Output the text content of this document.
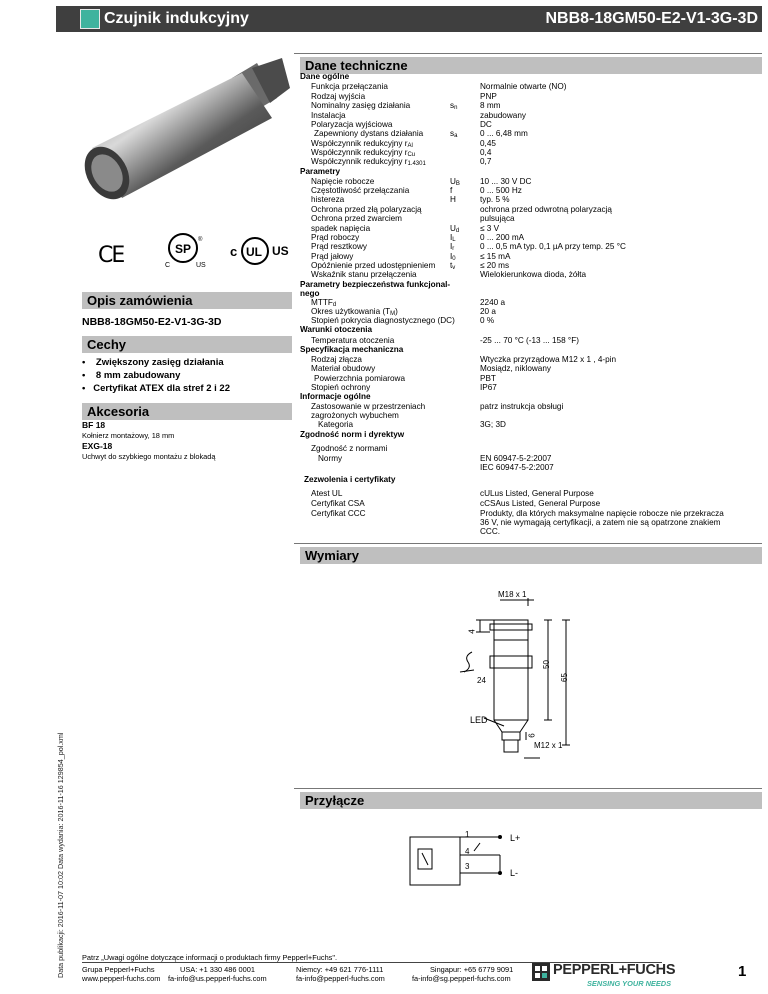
Czujnik indukcyjny	NBB8-18GM50-E2-V1-3G-3D
Data publikacji: 2016-11-07 10:02 Data wydania: 2016-11-16 129854_pol.xml
CE	SP
®
C	US
c UL US
Opis zamówienia
NBB8-18GM50-E2-V1-3G-3D
Cechy
•    Zwiększony zasięg działania
•    8 mm zabudowany
•   Certyfikat ATEX dla stref 2 i 22
Akcesoria
BF 18
Kołnierz montażowy, 18 mm
EXG-18
Uchwyt do szybkiego montażu z blokadą
Dane techniczne
Dane ogólne
Funkcja przełączania	Normalnie otwarte (NO)
Rodzaj wyjścia	PNP
Nominalny zasięg działania	sn	8 mm
Instalacja	zabudowany
Polaryzacja wyjściowa	DC
Zapewniony dystans działania	sa	0 ... 6,48 mm
Współczynnik redukcyjny rAl	0,45
Współczynnik redukcyjny rCu	0,4
Współczynnik redukcyjny r1.4301	0,7
Parametry
Napięcie robocze	UB 10 ... 30 V DC
Częstotliwość przełączania	f	0 ... 500 Hz
histereza	H	typ. 5 %
Ochrona przed złą polaryzacją	ochrona przed odwrotną polaryzacją
Ochrona przed zwarciem	pulsująca
spadek napięcia	Ud	≤ 3 V
Prąd roboczy	IL	0 ... 200 mA
Prąd resztkowy	Ir	0 ... 0,5 mA typ. 0,1 µA przy temp. 25 °C
Prąd jałowy	I0	≤ 15 mA
Opóźnienie przed udostępnieniem tv	≤ 20 ms
Wskaźnik stanu przełączenia	Wielokierunkowa dioda, żółta
Parametry bezpieczeństwa funkcjonal-
nego
MTTFd	2240 a
Okres użytkowania (TM)	20 a
Stopień pokrycia diagnostycznego (DC)	0 %
Warunki otoczenia
Temperatura otoczenia	-25 ... 70 °C (-13 ... 158 °F)
Specyfikacja mechaniczna
Rodzaj złącza	Wtyczka przyrządowa M12 x 1 , 4-pin
Materiał obudowy	Mosiądz, niklowany
Powierzchnia pomiarowa	PBT
Stopień ochrony	IP67
Informacje ogólne
Zastosowanie w przestrzeniach	patrz instrukcja obsługi
zagrożonych wybuchem
Kategoria	3G; 3D
Zgodność norm i dyrektyw
Zgodność z normami
Normy	EN 60947-5-2:2007
IEC 60947-5-2:2007
Zezwolenia i certyfikaty
Atest UL	cULus Listed, General Purpose
Certyfikat CSA	cCSAus Listed, General Purpose
Certyfikat CCC	Produkty, dla których maksymalne napięcie robocze nie przekracza
36 V, nie wymagają certyfikacji, a zatem nie są opatrzone znakiem
CCC.
Wymiary
M18 x 1
4
50
65
24
LED
6
M12 x 1
Przyłącze
1
4
3
L+
L-
Patrz „Uwagi ogólne dotyczące informacji o produktach firmy Pepperl+Fuchs".
Grupa Pepperl+Fuchs
www.pepperl-fuchs.com
USA: +1 330 486 0001
fa-info@us.pepperl-fuchs.com
Niemcy: +49 621 776-1111
fa-info@pepperl-fuchs.com
Singapur: +65 6779 9091
fa-info@sg.pepperl-fuchs.com
PEPPERL+FUCHS
SENSING YOUR NEEDS
1
